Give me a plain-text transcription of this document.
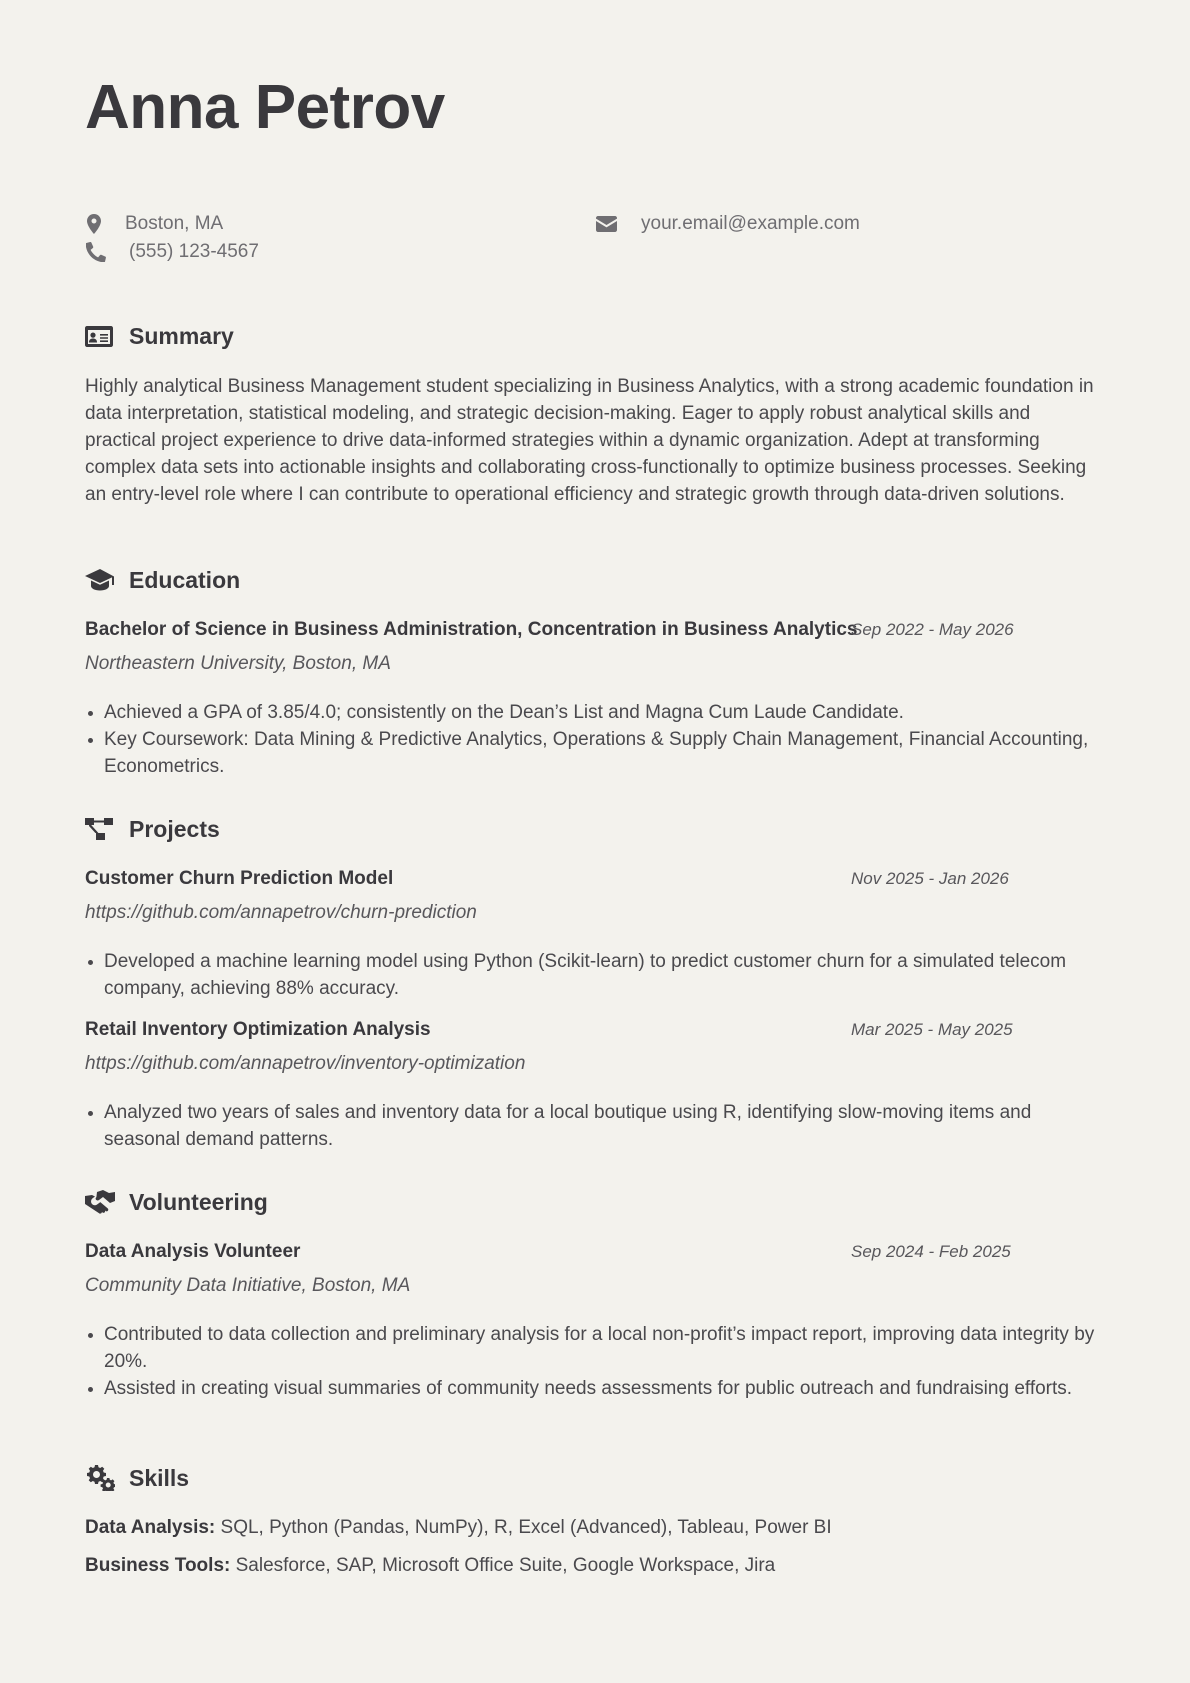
Anna Petrov
Boston, MA
(555) 123-4567
your.email@example.com
Summary

Highly analytical Business Management student specializing in Business Analytics, with a strong academic foundation in data interpretation, statistical modeling, and strategic decision-making. Eager to apply robust analytical skills and practical project experience to drive data-informed strategies within a dynamic organization. Adept at transforming complex data sets into actionable insights and collaborating cross-functionally to optimize business processes. Seeking an entry-level role where I can contribute to operational efficiency and strategic growth through data-driven solutions.

Education
Bachelor of Science in Business Administration, Concentration in Business Analytics
Sep 2022 - May 2026
Northeastern University, Boston, MA
Achieved a GPA of 3.85/4.0; consistently on the Dean’s List and Magna Cum Laude Candidate.
Key Coursework: Data Mining & Predictive Analytics, Operations & Supply Chain Management, Financial Accounting, Econometrics.
Projects
Customer Churn Prediction Model	Nov 2025 - Jan 2026
https://github.com/annapetrov/churn-prediction
Developed a machine learning model using Python (Scikit-learn) to predict customer churn for a simulated telecom company, achieving 88% accuracy.
Retail Inventory Optimization Analysis	Mar 2025 - May 2025
https://github.com/annapetrov/inventory-optimization
Analyzed two years of sales and inventory data for a local boutique using R, identifying slow-moving items and seasonal demand patterns.
Volunteering
Data Analysis Volunteer	Sep 2024 - Feb 2025
Community Data Initiative, Boston, MA
Contributed to data collection and preliminary analysis for a local non-profit’s impact report, improving data integrity by 20%.
Assisted in creating visual summaries of community needs assessments for public outreach and fundraising efforts.
Skills
Data Analysis: SQL, Python (Pandas, NumPy), R, Excel (Advanced), Tableau, Power BI
Business Tools: Salesforce, SAP, Microsoft Office Suite, Google Workspace, Jira
